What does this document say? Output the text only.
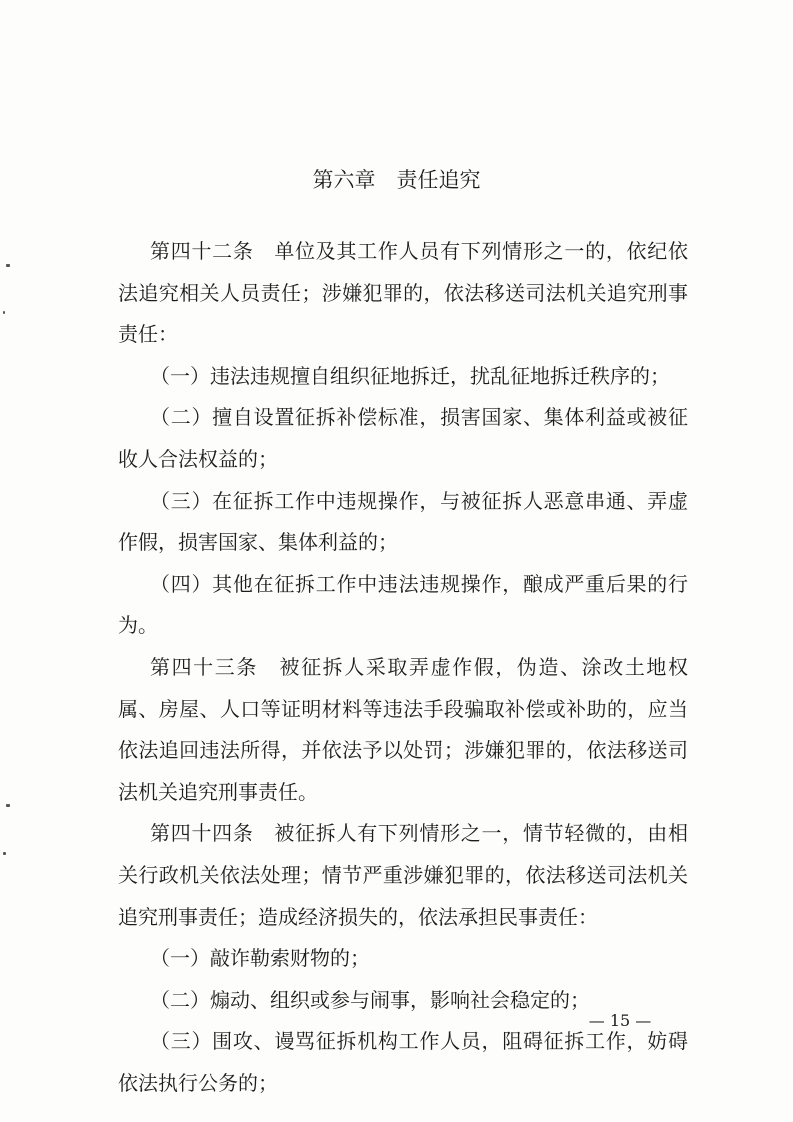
第六章　责任追究

第四十二条　单位及其工作人员有下列情形之一的，依纪依法追究相关人员责任；涉嫌犯罪的，依法移送司法机关追究刑事责任：

（一）违法违规擅自组织征地拆迁，扰乱征地拆迁秩序的；

（二）擅自设置征拆补偿标准，损害国家、集体利益或被征收人合法权益的；

（三）在征拆工作中违规操作，与被征拆人恶意串通、弄虚作假，损害国家、集体利益的；

（四）其他在征拆工作中违法违规操作，酿成严重后果的行为。

第四十三条　被征拆人采取弄虚作假，伪造、涂改土地权属、房屋、人口等证明材料等违法手段骗取补偿或补助的，应当依法追回违法所得，并依法予以处罚；涉嫌犯罪的，依法移送司法机关追究刑事责任。

第四十四条　被征拆人有下列情形之一，情节轻微的，由相关行政机关依法处理；情节严重涉嫌犯罪的，依法移送司法机关追究刑事责任；造成经济损失的，依法承担民事责任：

（一）敲诈勒索财物的；

（二）煽动、组织或参与闹事，影响社会稳定的；

（三）围攻、谩骂征拆机构工作人员，阻碍征拆工作，妨碍依法执行公务的；

— 15 —
